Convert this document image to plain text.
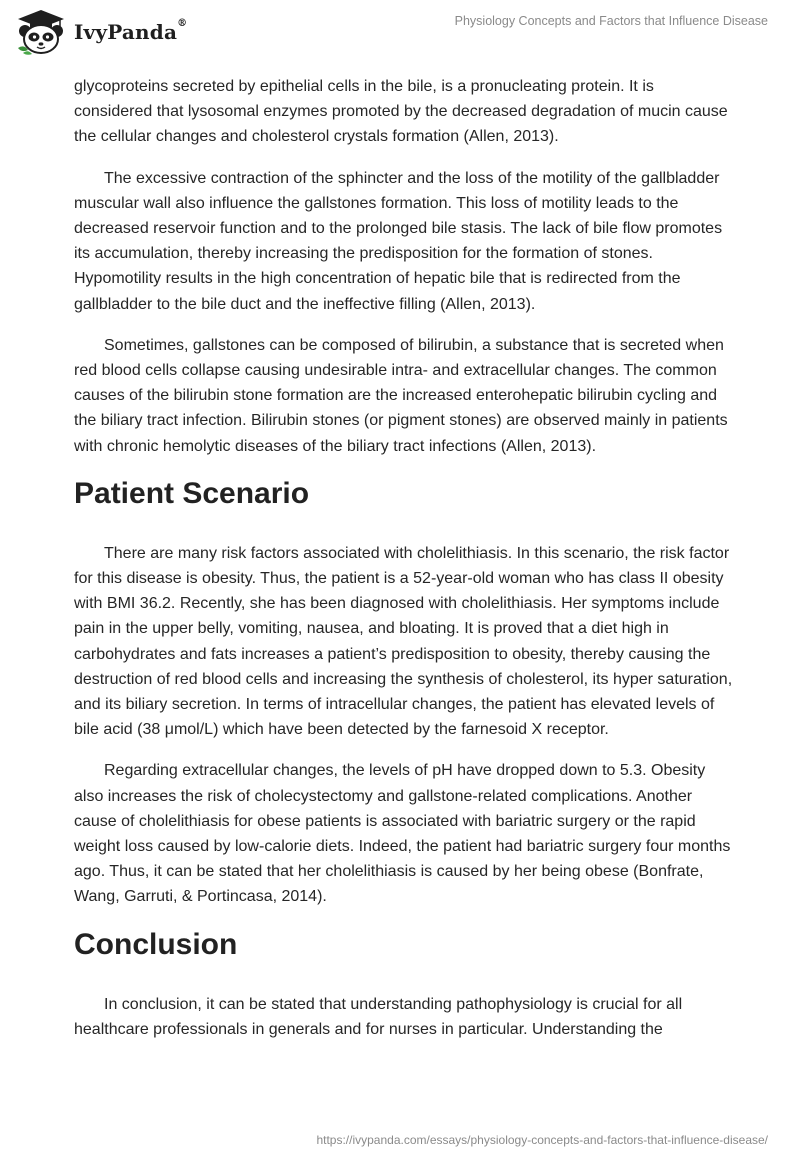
IvyPanda®	Physiology Concepts and Factors that Influence Disease

glycoproteins secreted by epithelial cells in the bile, is a pronucleating protein. It is considered that lysosomal enzymes promoted by the decreased degradation of mucin cause the cellular changes and cholesterol crystals formation (Allen, 2013).

The excessive contraction of the sphincter and the loss of the motility of the gallbladder muscular wall also influence the gallstones formation. This loss of motility leads to the decreased reservoir function and to the prolonged bile stasis. The lack of bile flow promotes its accumulation, thereby increasing the predisposition for the formation of stones. Hypomotility results in the high concentration of hepatic bile that is redirected from the gallbladder to the bile duct and the ineffective filling (Allen, 2013).

Sometimes, gallstones can be composed of bilirubin, a substance that is secreted when red blood cells collapse causing undesirable intra- and extracellular changes. The common causes of the bilirubin stone formation are the increased enterohepatic bilirubin cycling and the biliary tract infection. Bilirubin stones (or pigment stones) are observed mainly in patients with chronic hemolytic diseases of the biliary tract infections (Allen, 2013).

Patient Scenario

There are many risk factors associated with cholelithiasis. In this scenario, the risk factor for this disease is obesity. Thus, the patient is a 52-year-old woman who has class II obesity with BMI 36.2. Recently, she has been diagnosed with cholelithiasis. Her symptoms include pain in the upper belly, vomiting, nausea, and bloating. It is proved that a diet high in carbohydrates and fats increases a patient’s predisposition to obesity, thereby causing the destruction of red blood cells and increasing the synthesis of cholesterol, its hyper saturation, and its biliary secretion. In terms of intracellular changes, the patient has elevated levels of bile acid (38 μmol/L) which have been detected by the farnesoid X receptor.

Regarding extracellular changes, the levels of pH have dropped down to 5.3. Obesity also increases the risk of cholecystectomy and gallstone-related complications. Another cause of cholelithiasis for obese patients is associated with bariatric surgery or the rapid weight loss caused by low-calorie diets. Indeed, the patient had bariatric surgery four months ago. Thus, it can be stated that her cholelithiasis is caused by her being obese (Bonfrate, Wang, Garruti, & Portincasa, 2014).

Conclusion

In conclusion, it can be stated that understanding pathophysiology is crucial for all healthcare professionals in generals and for nurses in particular. Understanding the

https://ivypanda.com/essays/physiology-concepts-and-factors-that-influence-disease/
